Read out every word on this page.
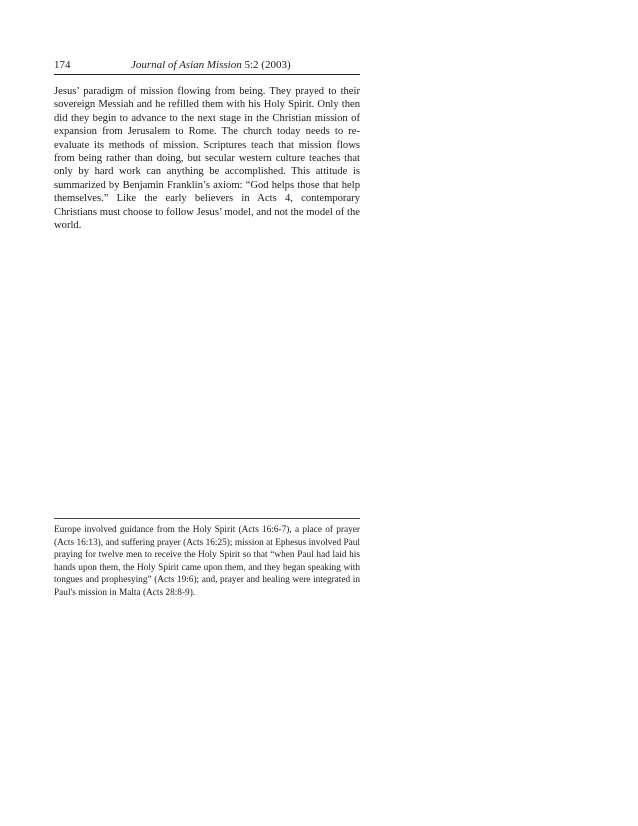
174	Journal of Asian Mission 5:2 (2003)

Jesus’ paradigm of mission flowing from being. They prayed to their sovereign Messiah and he refilled them with his Holy Spirit. Only then did they begin to advance to the next stage in the Christian mission of expansion from Jerusalem to Rome. The church today needs to re-evaluate its methods of mission. Scriptures teach that mission flows from being rather than doing, but secular western culture teaches that only by hard work can anything be accomplished. This attitude is summarized by Benjamin Franklin’s axiom: “God helps those that help themselves.” Like the early believers in Acts 4, contemporary Christians must choose to follow Jesus’ model, and not the model of the world.

Europe involved guidance from the Holy Spirit (Acts 16:6-7), a place of prayer (Acts 16:13), and suffering prayer (Acts 16:25); mission at Ephesus involved Paul praying for twelve men to receive the Holy Spirit so that “when Paul had laid his hands upon them, the Holy Spirit came upon them, and they began speaking with tongues and prophesying” (Acts 19:6); and, prayer and healing were integrated in Paul's mission in Malta (Acts 28:8-9).
